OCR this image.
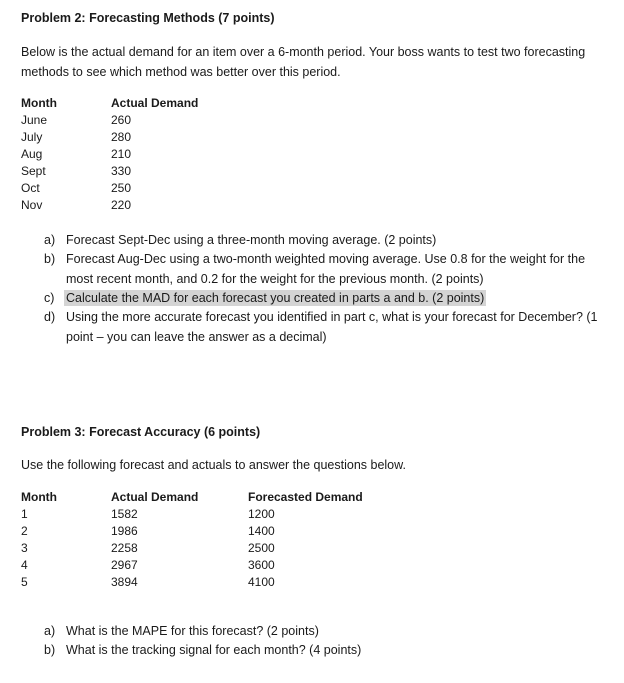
Problem 2: Forecasting Methods (7 points)
Below is the actual demand for an item over a 6-month period. Your boss wants to test two forecasting
methods to see which method was better over this period.
Month	Actual Demand
June	260
July	280
Aug	210
Sept	330
Oct	250
Nov	220
a) Forecast Sept-Dec using a three-month moving average. (2 points)
b) Forecast Aug-Dec using a two-month weighted moving average. Use 0.8 for the weight for the
most recent month, and 0.2 for the weight for the previous month. (2 points)
c) Calculate the MAD for each forecast you created in parts a and b. (2 points)
d) Using the more accurate forecast you identified in part c, what is your forecast for December? (1
point – you can leave the answer as a decimal)
Problem 3: Forecast Accuracy (6 points)
Use the following forecast and actuals to answer the questions below.
Month	Actual Demand	Forecasted Demand
1	1582	1200
2	1986	1400
3	2258	2500
4	2967	3600
5	3894	4100
a) What is the MAPE for this forecast? (2 points)
b) What is the tracking signal for each month? (4 points)
